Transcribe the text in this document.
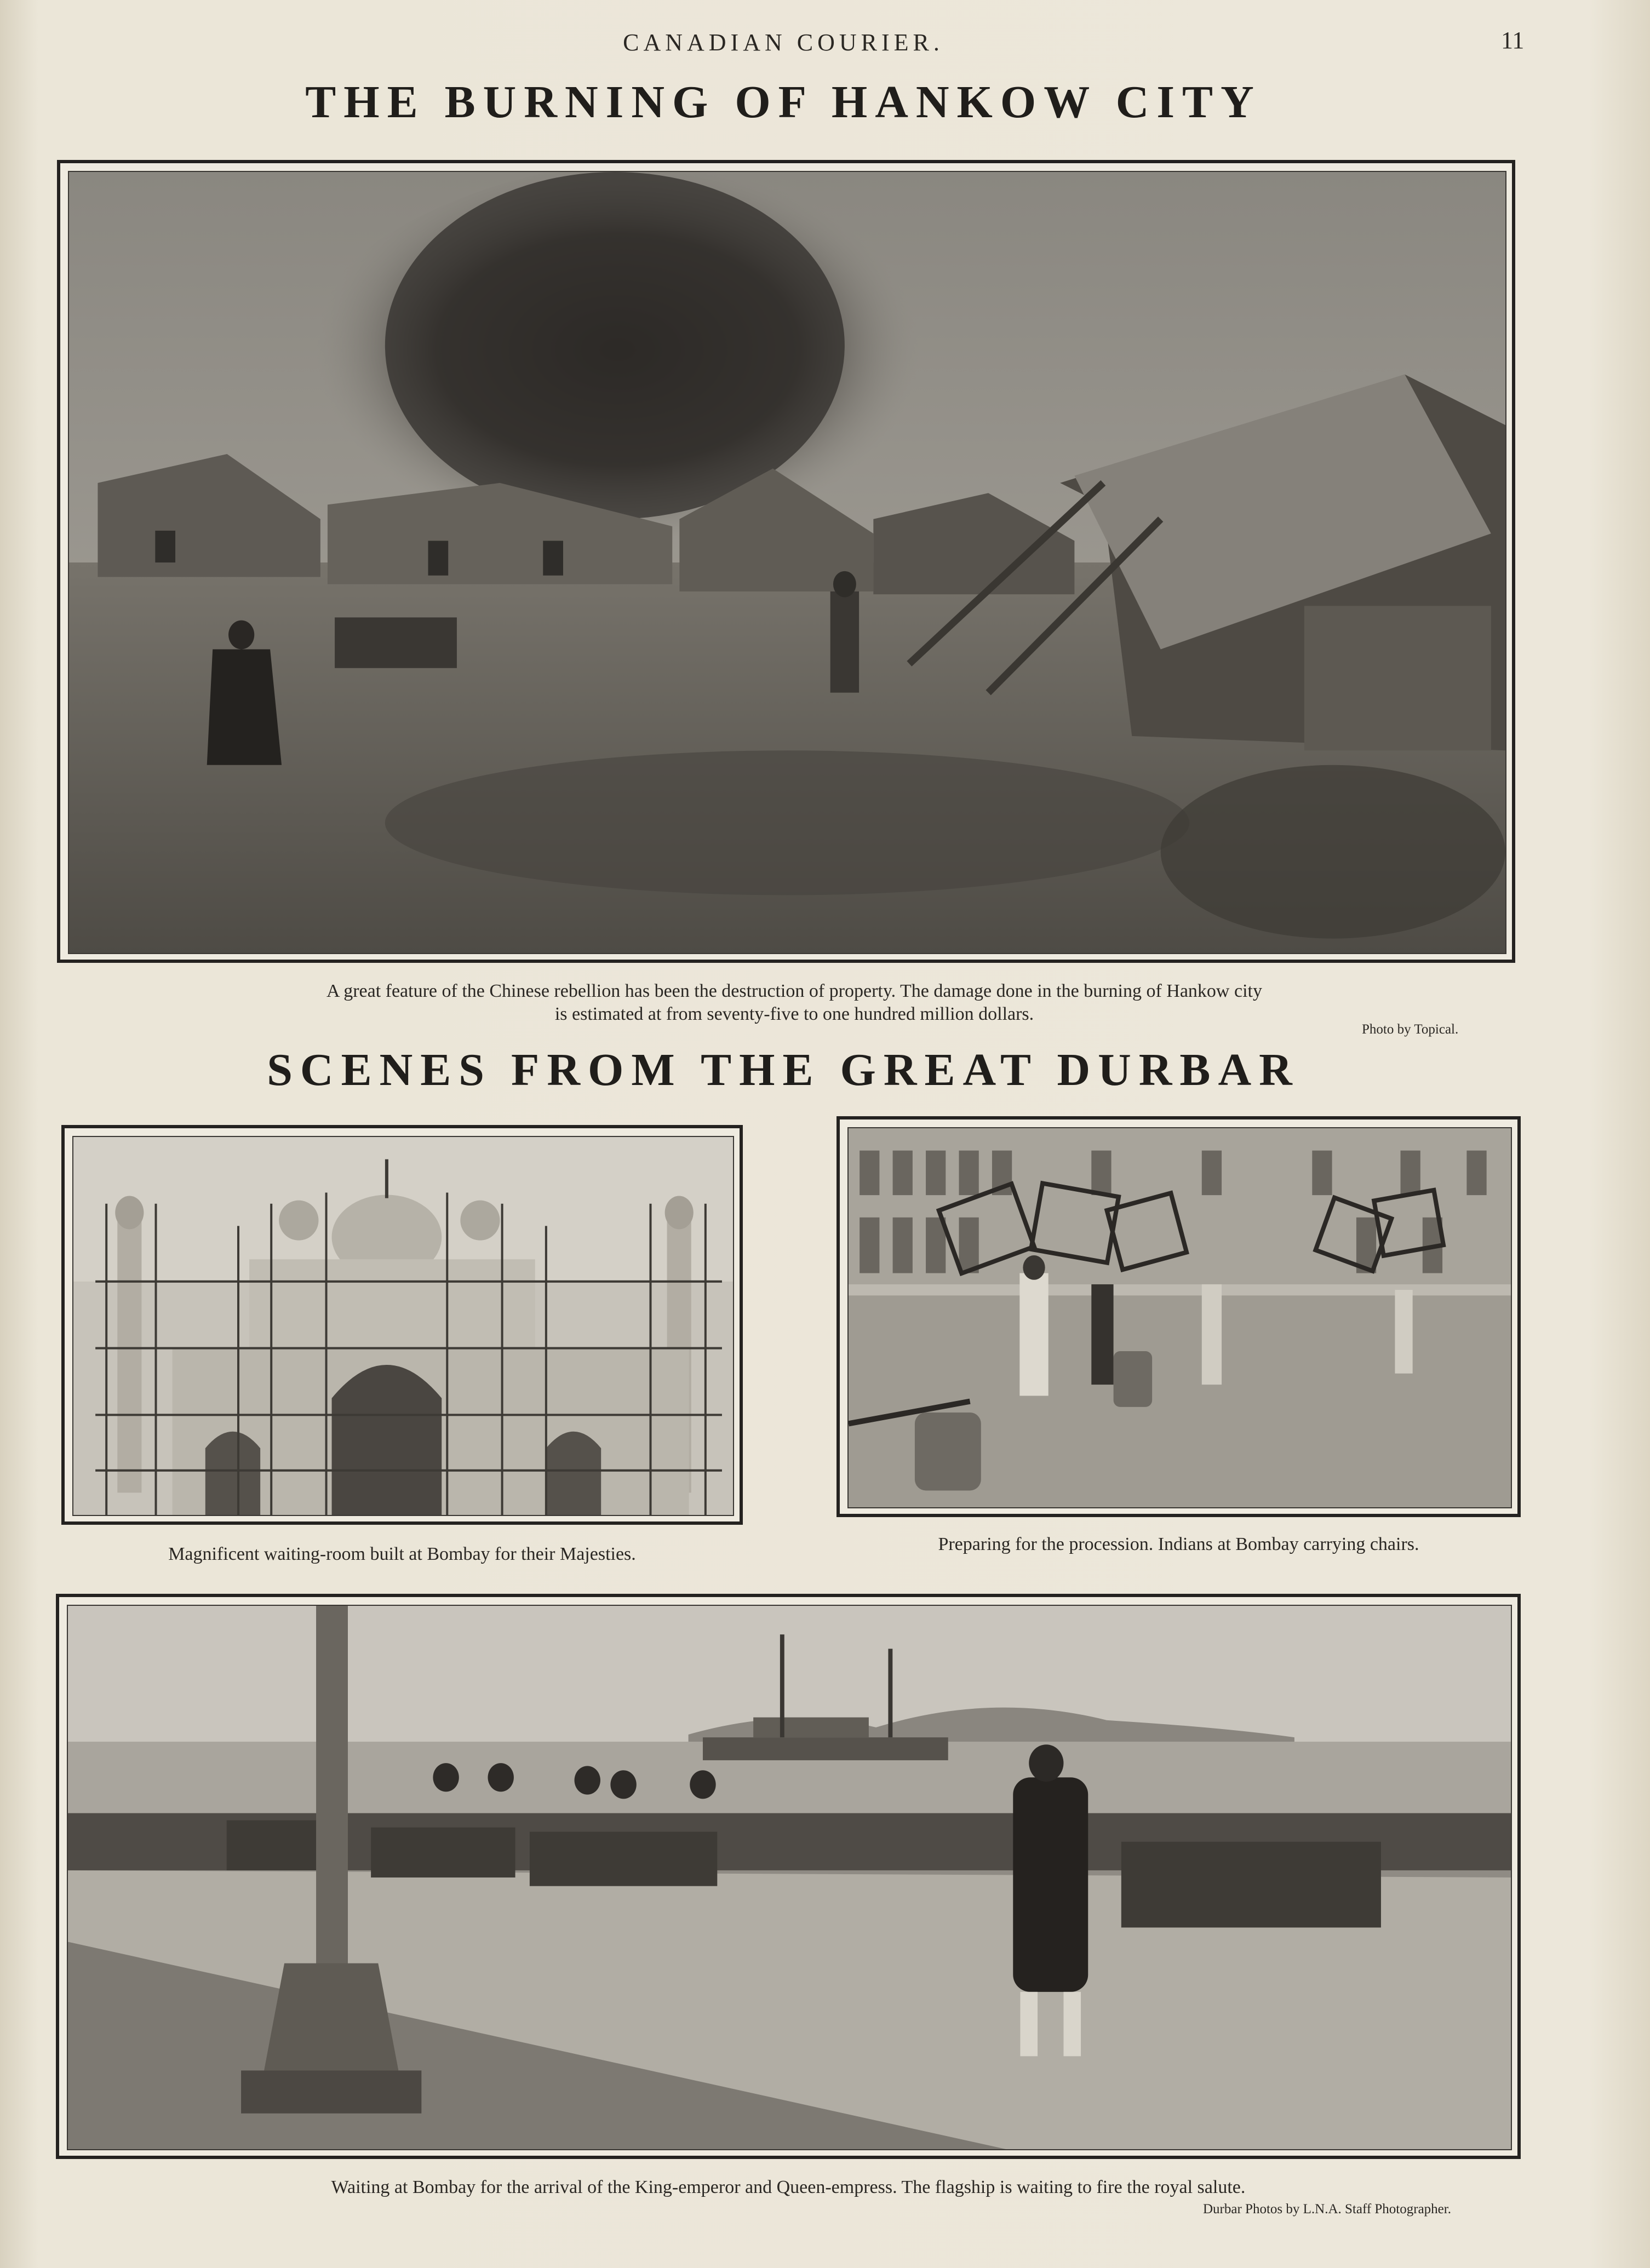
CANADIAN COURIER.	11
THE BURNING OF HANKOW CITY
A great feature of the Chinese rebellion has been the destruction of property. The damage done in the burning of Hankow city
is estimated at from seventy-five to one hundred million dollars.
Photo by Topical.
SCENES FROM THE GREAT DURBAR
Magnificent waiting-room built at Bombay for their Majesties.	Preparing for the procession. Indians at Bombay carrying chairs.
Waiting at Bombay for the arrival of the King-emperor and Queen-empress. The flagship is waiting to fire the royal salute.
Durbar Photos by L.N.A. Staff Photographer.
